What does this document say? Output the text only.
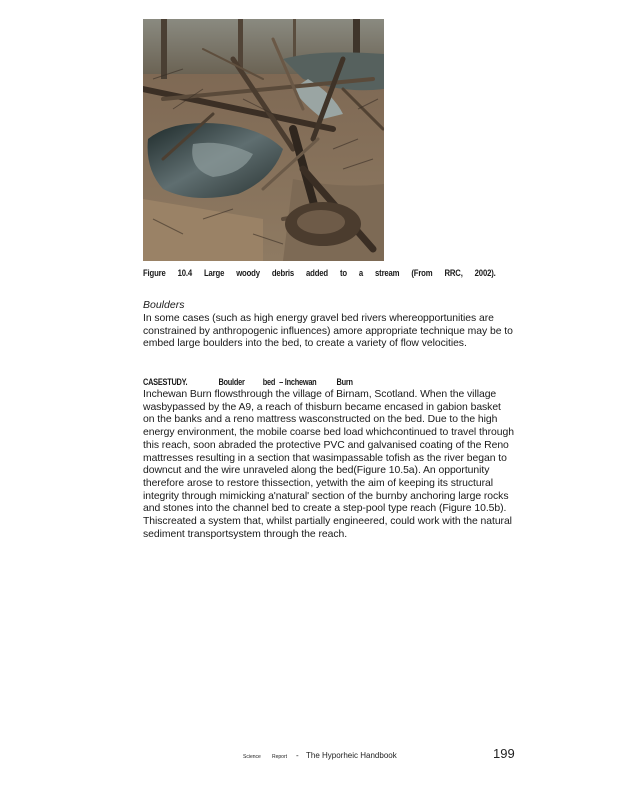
Figure 10.4 Large woody debris added to a stream (From RRC, 2002).
Boulders
In some cases (such as high energy gravel bed rivers whereopportunities are constrained by anthropogenic influences) amore appropriate technique may be to embed large boulders into the bed, to create a variety of flow velocities.
CASESTUDY.	Boulder bed – Inchewan Burn
Inchewan Burn flowsthrough the village of Birnam, Scotland. When the village wasbypassed by the A9, a reach of thisburn became encased in gabion basket on the banks and a reno mattress wasconstructed on the bed. Due to the high energy environment, the mobile coarse bed load whichcontinued to travel through this reach, soon abraded the protective PVC and galvanised coating of the Reno mattresses resulting in a section that wasimpassable tofish as the river began to downcut and the wire unraveled along the bed(Figure 10.5a). An opportunity therefore arose to restore thissection, yetwith the aim of keeping its structural integrity through mimicking a'natural' section of the burnby anchoring large rocks and stones into the channel bed to create a step-pool type reach (Figure 10.5b). Thiscreated a system that, whilst partially engineered, could work with the natural sediment transportsystem through the reach.
Science Report - The Hyporheic Handbook	199
